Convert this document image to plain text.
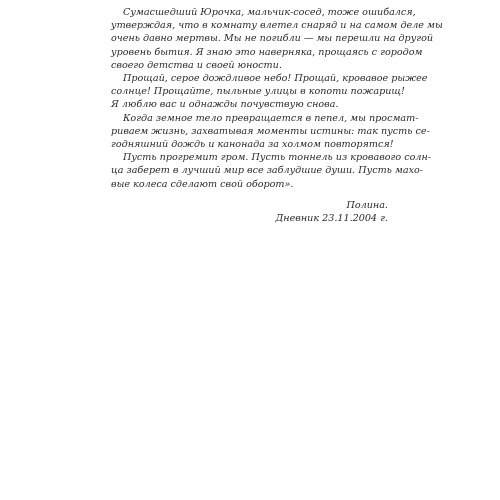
Сумасшедший Юрочка, мальчик-сосед, тоже ошибался,
утверждая, что в комнату влетел снаряд и на самом деле мы
очень давно мертвы. Мы не погибли — мы перешли на другой
уровень бытия. Я знаю это наверняка, прощаясь с городом
своего детства и своей юности.

Прощай, серое дождливое небо! Прощай, кровавое рыжее
солнце! Прощайте, пыльные улицы в копоти пожарищ!
Я люблю вас и однажды почувствую снова.

Когда земное тело превращается в пепел, мы просмат-
риваем жизнь, захватывая моменты истины: так пусть се-
годняшний дождь и канонада за холмом повторятся!

Пусть прогремит гром. Пусть тоннель из кровавого солн-
ца заберет в лучший мир все заблудшие души. Пусть махо-
вые колеса сделают свой оборот».

Полина.
Дневник 23.11.2004 г.
